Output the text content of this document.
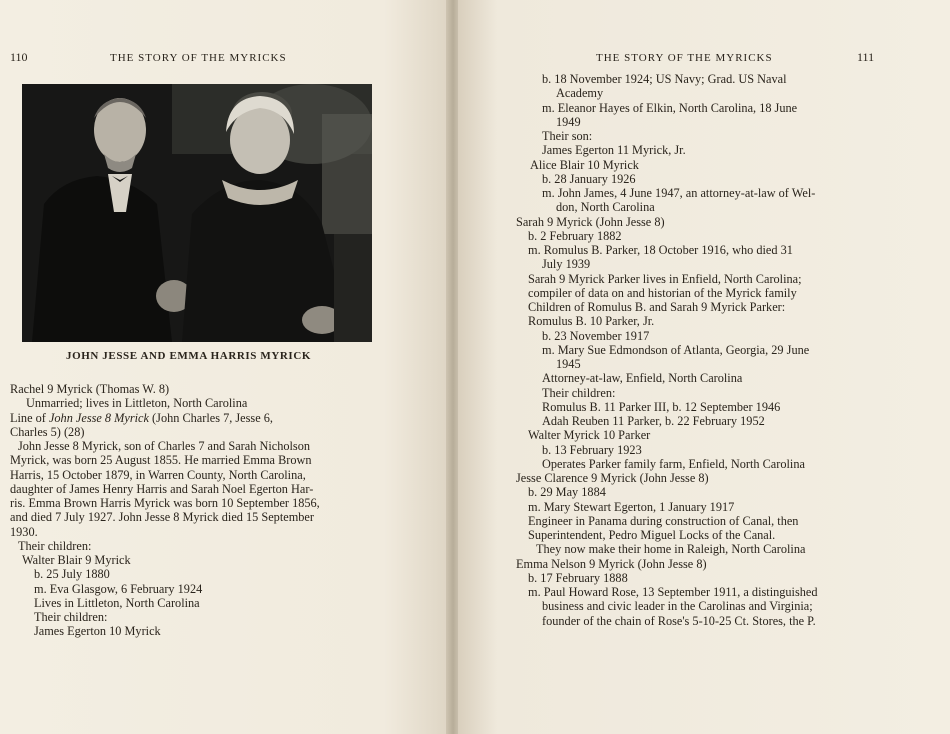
110	THE STORY OF THE MYRICKS
JOHN JESSE AND EMMA HARRIS MYRICK
Rachel 9 Myrick (Thomas W. 8)
Unmarried; lives in Littleton, North Carolina
Line of John Jesse 8 Myrick (John Charles 7, Jesse 6,
Charles 5) (28)
John Jesse 8 Myrick, son of Charles 7 and Sarah Nicholson
Myrick, was born 25 August 1855. He married Emma Brown
Harris, 15 October 1879, in Warren County, North Carolina,
daughter of James Henry Harris and Sarah Noel Egerton Har-
ris. Emma Brown Harris Myrick was born 10 September 1856,
and died 7 July 1927. John Jesse 8 Myrick died 15 September
1930.
Their children:
Walter Blair 9 Myrick
b. 25 July 1880
m. Eva Glasgow, 6 February 1924
Lives in Littleton, North Carolina
Their children:
James Egerton 10 Myrick
THE STORY OF THE MYRICKS	111
b. 18 November 1924; US Navy; Grad. US Naval
Academy
m. Eleanor Hayes of Elkin, North Carolina, 18 June
1949
Their son:
James Egerton 11 Myrick, Jr.
Alice Blair 10 Myrick
b. 28 January 1926
m. John James, 4 June 1947, an attorney-at-law of Wel-
don, North Carolina
Sarah 9 Myrick (John Jesse 8)
b. 2 February 1882
m. Romulus B. Parker, 18 October 1916, who died 31
July 1939
Sarah 9 Myrick Parker lives in Enfield, North Carolina;
compiler of data on and historian of the Myrick family
Children of Romulus B. and Sarah 9 Myrick Parker:
Romulus B. 10 Parker, Jr.
b. 23 November 1917
m. Mary Sue Edmondson of Atlanta, Georgia, 29 June
1945
Attorney-at-law, Enfield, North Carolina
Their children:
Romulus B. 11 Parker III, b. 12 September 1946
Adah Reuben 11 Parker, b. 22 February 1952
Walter Myrick 10 Parker
b. 13 February 1923
Operates Parker family farm, Enfield, North Carolina
Jesse Clarence 9 Myrick (John Jesse 8)
b. 29 May 1884
m. Mary Stewart Egerton, 1 January 1917
Engineer in Panama during construction of Canal, then
Superintendent, Pedro Miguel Locks of the Canal.
They now make their home in Raleigh, North Carolina
Emma Nelson 9 Myrick (John Jesse 8)
b. 17 February 1888
m. Paul Howard Rose, 13 September 1911, a distinguished
business and civic leader in the Carolinas and Virginia;
founder of the chain of Rose's 5-10-25 Ct. Stores, the P.
